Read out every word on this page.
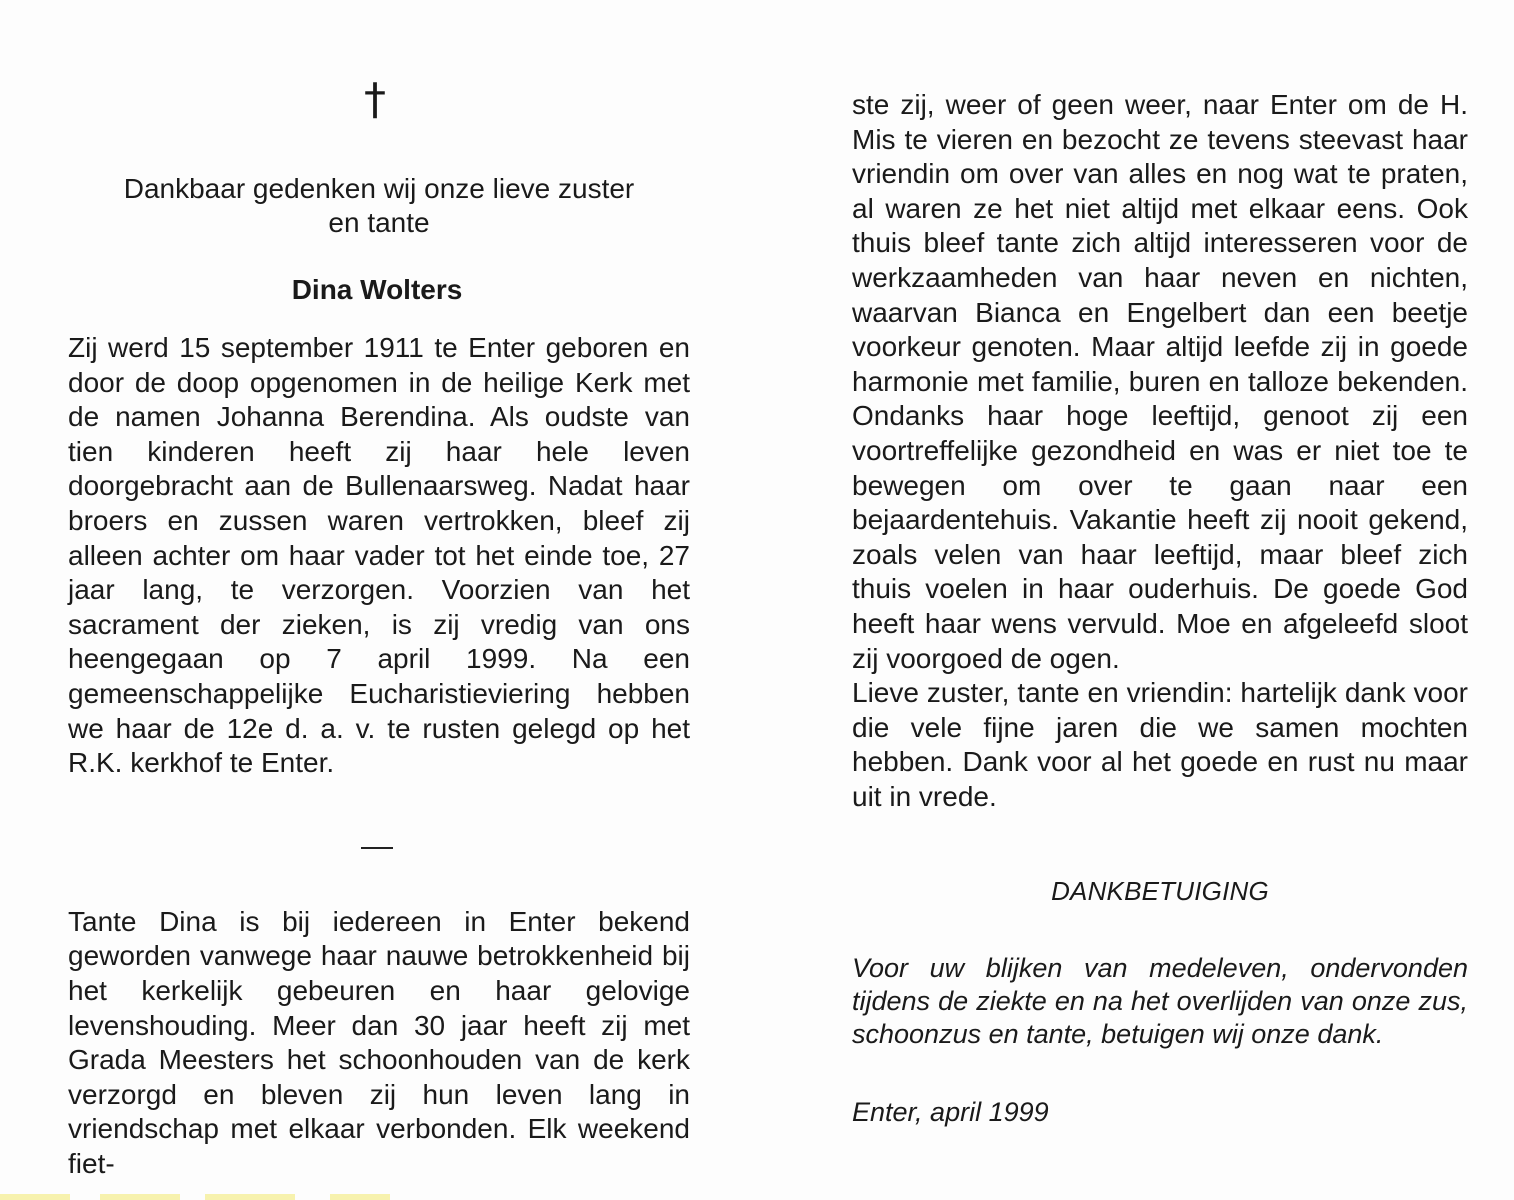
†
Dankbaar gedenken wij onze lieve zuster
en tante
Dina Wolters

Zij werd 15 september 1911 te Enter geboren en door de doop opgenomen in de heilige Kerk met de namen Johanna Berendina. Als oudste van tien kinderen heeft zij haar hele leven doorgebracht aan de Bullenaarsweg. Nadat haar broers en zussen waren vertrokken, bleef zij alleen achter om haar vader tot het einde toe, 27 jaar lang, te verzorgen. Voorzien van het sacrament der zieken, is zij vredig van ons heengegaan op 7 april 1999. Na een gemeenschappelijke Eucharistieviering hebben we haar de 12e d. a. v. te rusten gelegd op het R.K. kerkhof te Enter.

Tante Dina is bij iedereen in Enter bekend geworden vanwege haar nauwe betrokkenheid bij het kerkelijk gebeuren en haar gelovige levenshouding. Meer dan 30 jaar heeft zij met Grada Meesters het schoonhouden van de kerk verzorgd en bleven zij hun leven lang in vriendschap met elkaar verbonden. Elk weekend fiet-

ste zij, weer of geen weer, naar Enter om de H. Mis te vieren en bezocht ze tevens steevast haar vriendin om over van alles en nog wat te praten, al waren ze het niet altijd met elkaar eens. Ook thuis bleef tante zich altijd interesseren voor de werkzaamheden van haar neven en nichten, waarvan Bianca en Engelbert dan een beetje voorkeur genoten. Maar altijd leefde zij in goede harmonie met familie, buren en talloze bekenden. Ondanks haar hoge leeftijd, genoot zij een voortreffelijke gezondheid en was er niet toe te bewegen om over te gaan naar een bejaardentehuis. Vakantie heeft zij nooit gekend, zoals velen van haar leeftijd, maar bleef zich thuis voelen in haar ouderhuis. De goede God heeft haar wens vervuld. Moe en afgeleefd sloot zij voorgoed de ogen.

Lieve zuster, tante en vriendin: hartelijk dank voor die vele fijne jaren die we samen mochten hebben. Dank voor al het goede en rust nu maar uit in vrede.

DANKBETUIGING

Voor uw blijken van medeleven, ondervonden tijdens de ziekte en na het overlijden van onze zus, schoonzus en tante, betuigen wij onze dank.

Enter, april 1999
